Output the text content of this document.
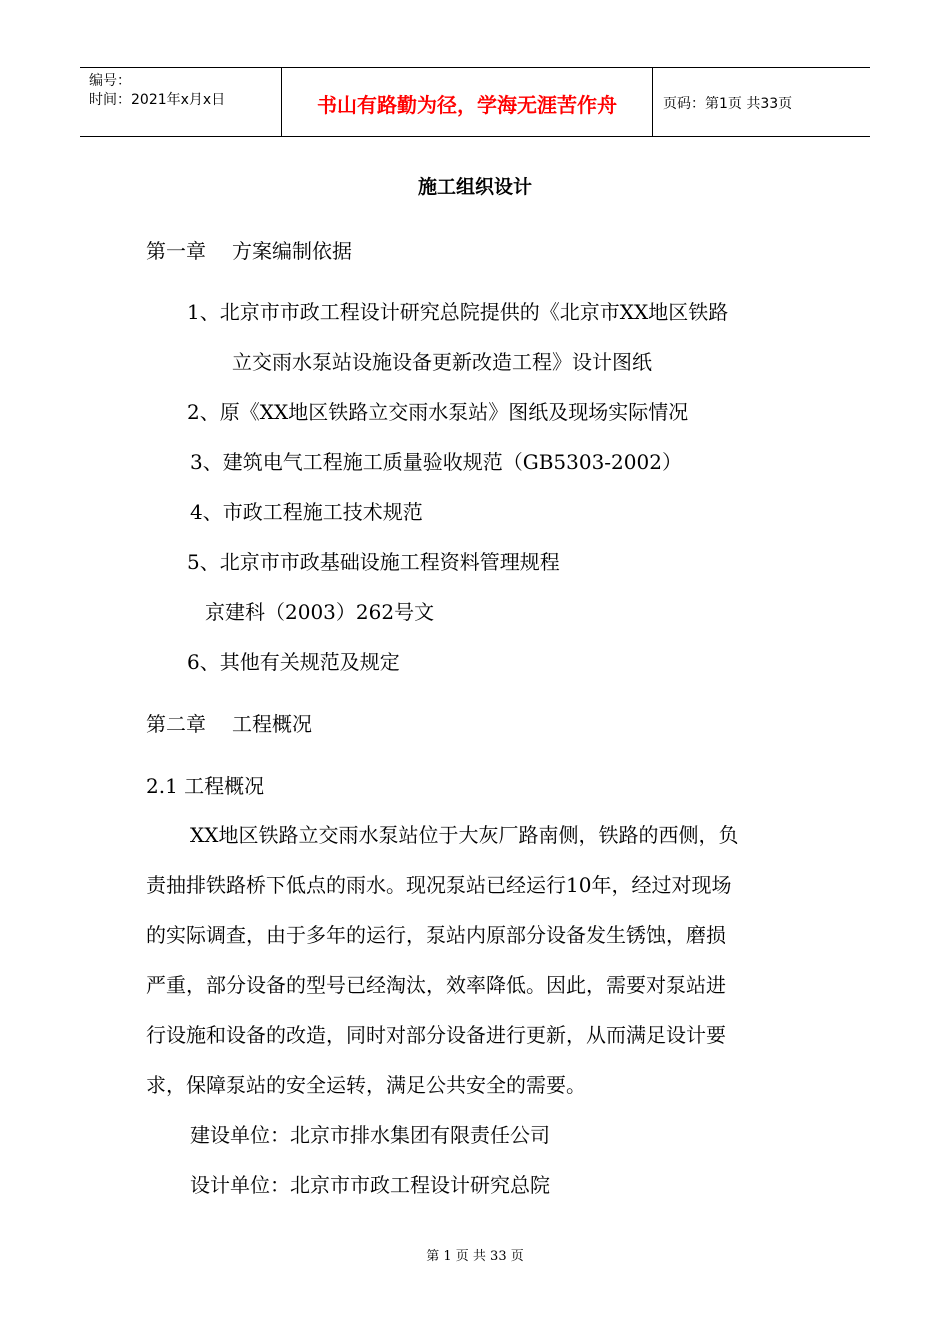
编号：
时间：2021年x月x日	书山有路勤为径，学海无涯苦作舟	页码：第1页 共33页
施工组织设计
第一章 方案编制依据
1、北京市市政工程设计研究总院提供的《北京市XX地区铁路
立交雨水泵站设施设备更新改造工程》设计图纸
2、原《XX地区铁路立交雨水泵站》图纸及现场实际情况
3、建筑电气工程施工质量验收规范（GB5303-2002）
4、市政工程施工技术规范
5、北京市市政基础设施工程资料管理规程
京建科（2003）262号文
6、其他有关规范及规定
第二章 工程概况
2.1 工程概况
XX地区铁路立交雨水泵站位于大灰厂路南侧，铁路的西侧，负
责抽排铁路桥下低点的雨水。现况泵站已经运行10年，经过对现场
的实际调查，由于多年的运行，泵站内原部分设备发生锈蚀，磨损
严重，部分设备的型号已经淘汰，效率降低。因此，需要对泵站进
行设施和设备的改造，同时对部分设备进行更新，从而满足设计要
求，保障泵站的安全运转，满足公共安全的需要。
建设单位：北京市排水集团有限责任公司
设计单位：北京市市政工程设计研究总院
第 1 页 共 33 页
